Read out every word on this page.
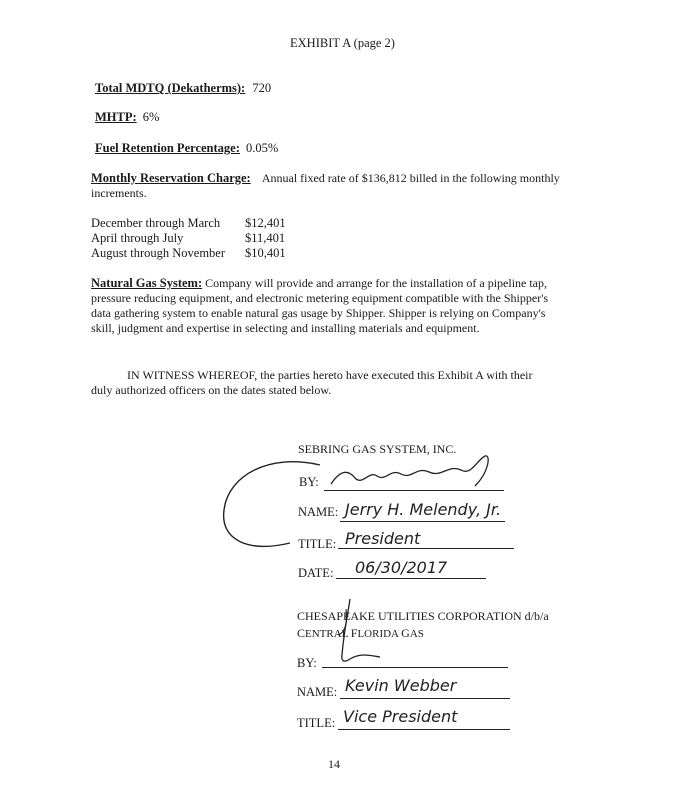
EXHIBIT A (page 2)
Total MDTQ (Dekatherms): 720
MHTP: 6%
Fuel Retention Percentage: 0.05%
Monthly Reservation Charge: Annual fixed rate of $136,812 billed in the following monthly
increments.
December through March $12,401
April through July	$11,401
August through November $10,401
Natural Gas System: Company will provide and arrange for the installation of a pipeline tap,
pressure reducing equipment, and electronic metering equipment compatible with the Shipper's
data gathering system to enable natural gas usage by Shipper. Shipper is relying on Company's
skill, judgment and expertise in selecting and installing materials and equipment.
IN WITNESS WHEREOF, the parties hereto have executed this Exhibit A with their
duly authorized officers on the dates stated below.
SEBRING GAS SYSTEM, INC.
BY:
NAME: Jerry H. Melendy, Jr.
TITLE: President
DATE: 06/30/2017
CHESAPEAKE UTILITIES CORPORATION d/b/a
CENTRAL FLORIDA GAS
BY:
NAME: Kevin Webber
TITLE: Vice President
14
